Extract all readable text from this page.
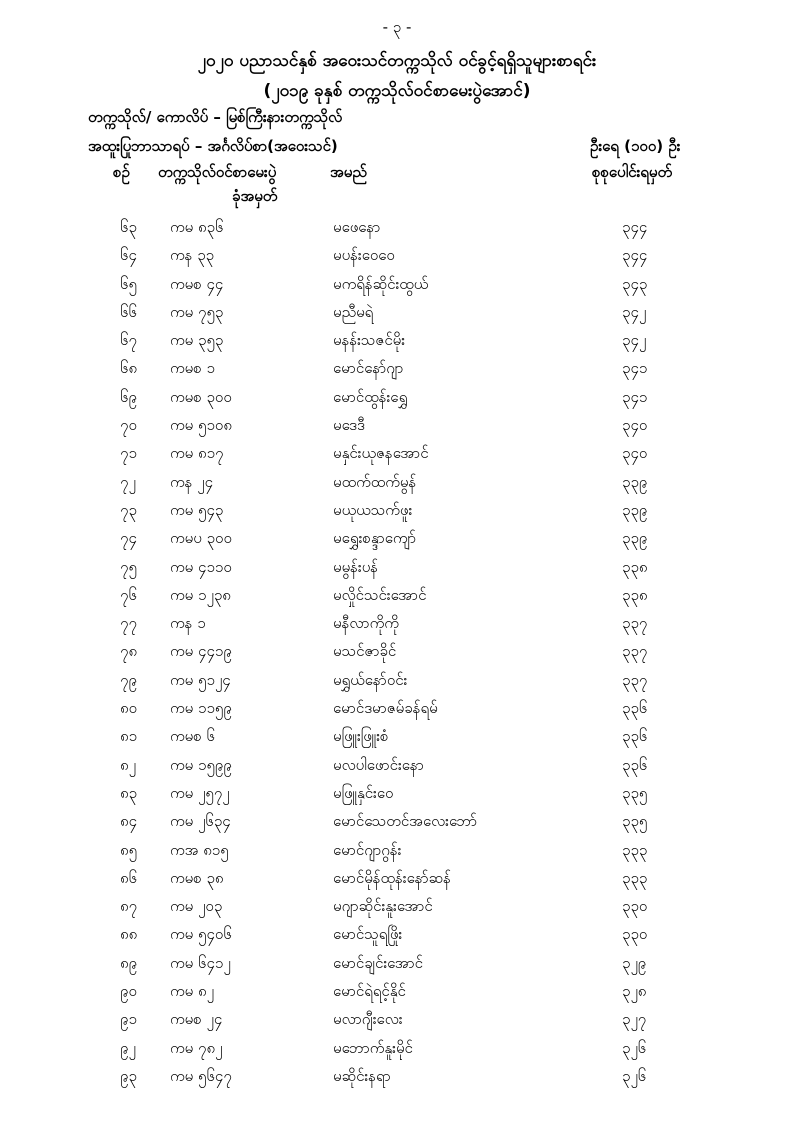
- ၃ -
၂၀၂၀ ပညာသင်နှစ် အဝေးသင်တက္ကသိုလ် ဝင်ခွင့်ရရှိသူများစာရင်း
(၂၀၁၉ ခုနှစ် တက္ကသိုလ်ဝင်စာမေးပွဲအောင်)
တက္ကသိုလ်/ ကောလိပ် – မြစ်ကြီးနားတက္ကသိုလ်
အထူးပြုဘာသာရပ် – အင်္ဂလိပ်စာ(အဝေးသင်)	ဦးရေ (၁၀၀) ဦး
စဉ် တက္ကသိုလ်ဝင်စာမေးပွဲ
ခုံအမှတ်
အမည်	စုစုပေါင်းရမှတ်
၆၃ ကမ ၈၃၆	မဖေနော	၃၄၄
၆၄ ကန ၃၃	မပန်းဝေဝေ	၃၄၄
၆၅ ကမစ ၄၄	မကရိန်ဆိုင်းထွယ်	၃၄၃
၆၆ ကမ ၇၅၃	မညီမရဲ	၃၄၂
၆၇ ကမ ၃၅၃	မနန်းသဇင်မိုး	၃၄၂
၆၈ ကမစ ၁	မောင်နော်ဂျာ	၃၄၁
၆၉ ကမစ ၃၀၀	မောင်ထွန်းရွှေ	၃၄၁
၇၀ ကမ ၅၁၀၈	မဒေဒီ	၃၄၀
၇၁ ကမ ၈၁၇	မနှင်းယုဇနအောင်	၃၄၀
၇၂ ကန ၂၄	မထက်ထက်မွန်	၃၃၉
၇၃ ကမ ၅၄၃	မယုယသက်ဖူး	၃၃၉
၇၄ ကမပ ၃၀၀	မရွှေးစန္ဒာကျော်	၃၃၉
၇၅ ကမ ၄၁၁၀	မမွန်းပန်	၃၃၈
၇၆ ကမ ၁၂၃၈	မလှိုင်သင်းအောင်	၃၃၈
၇၇ ကန ၁	မနီလာကိုကို	၃၃၇
၇၈ ကမ ၄၄၁၉	မသင်ဇာခိုင်	၃၃၇
၇၉ ကမ ၅၁၂၄	မရွှယ်နော်ဝင်း	၃၃၇
၈၀ ကမ ၁၁၅၉	မောင်ဒမာဇမ်ခန်ရမ်	၃၃၆
၈၁ ကမစ ၆	မဖြူးဖြူးစံ	၃၃၆
၈၂ ကမ ၁၅၉၉	မလပါဖောင်းနော	၃၃၆
၈၃ ကမ ၂၅၇၂	မဖြူနှင်းဝေ	၃၃၅
၈၄ ကမ ၂၆၃၄	မောင်သေတင်အလေးဘော်	၃၃၅
၈၅ ကအ ၈၁၅	မောင်ဂျာဂွန်း	၃၃၃
၈၆ ကမစ ၃၈	မောင်မိုန်ထုန်းနော်ဆန်	၃၃၃
၈၇ ကမ ၂၀၃	မဂျာဆိုင်းနူးအောင်	၃၃၀
၈၈ ကမ ၅၄၀၆	မောင်သူရဖြိုး	၃၃၀
၈၉ ကမ ၆၄၁၂	မောင်ချင်းအောင်	၃၂၉
၉၀ ကမ ၈၂	မောင်ရဲရင့်နိုင်	၃၂၈
၉၁ ကမစ ၂၄	မလာဂျီးလေး	၃၂၇
၉၂ ကမ ၇၈၂	မဘောက်နူးမိုင်	၃၂၆
၉၃ ကမ ၅၆၄၇	မဆိုင်းနရာ	၃၂၆
